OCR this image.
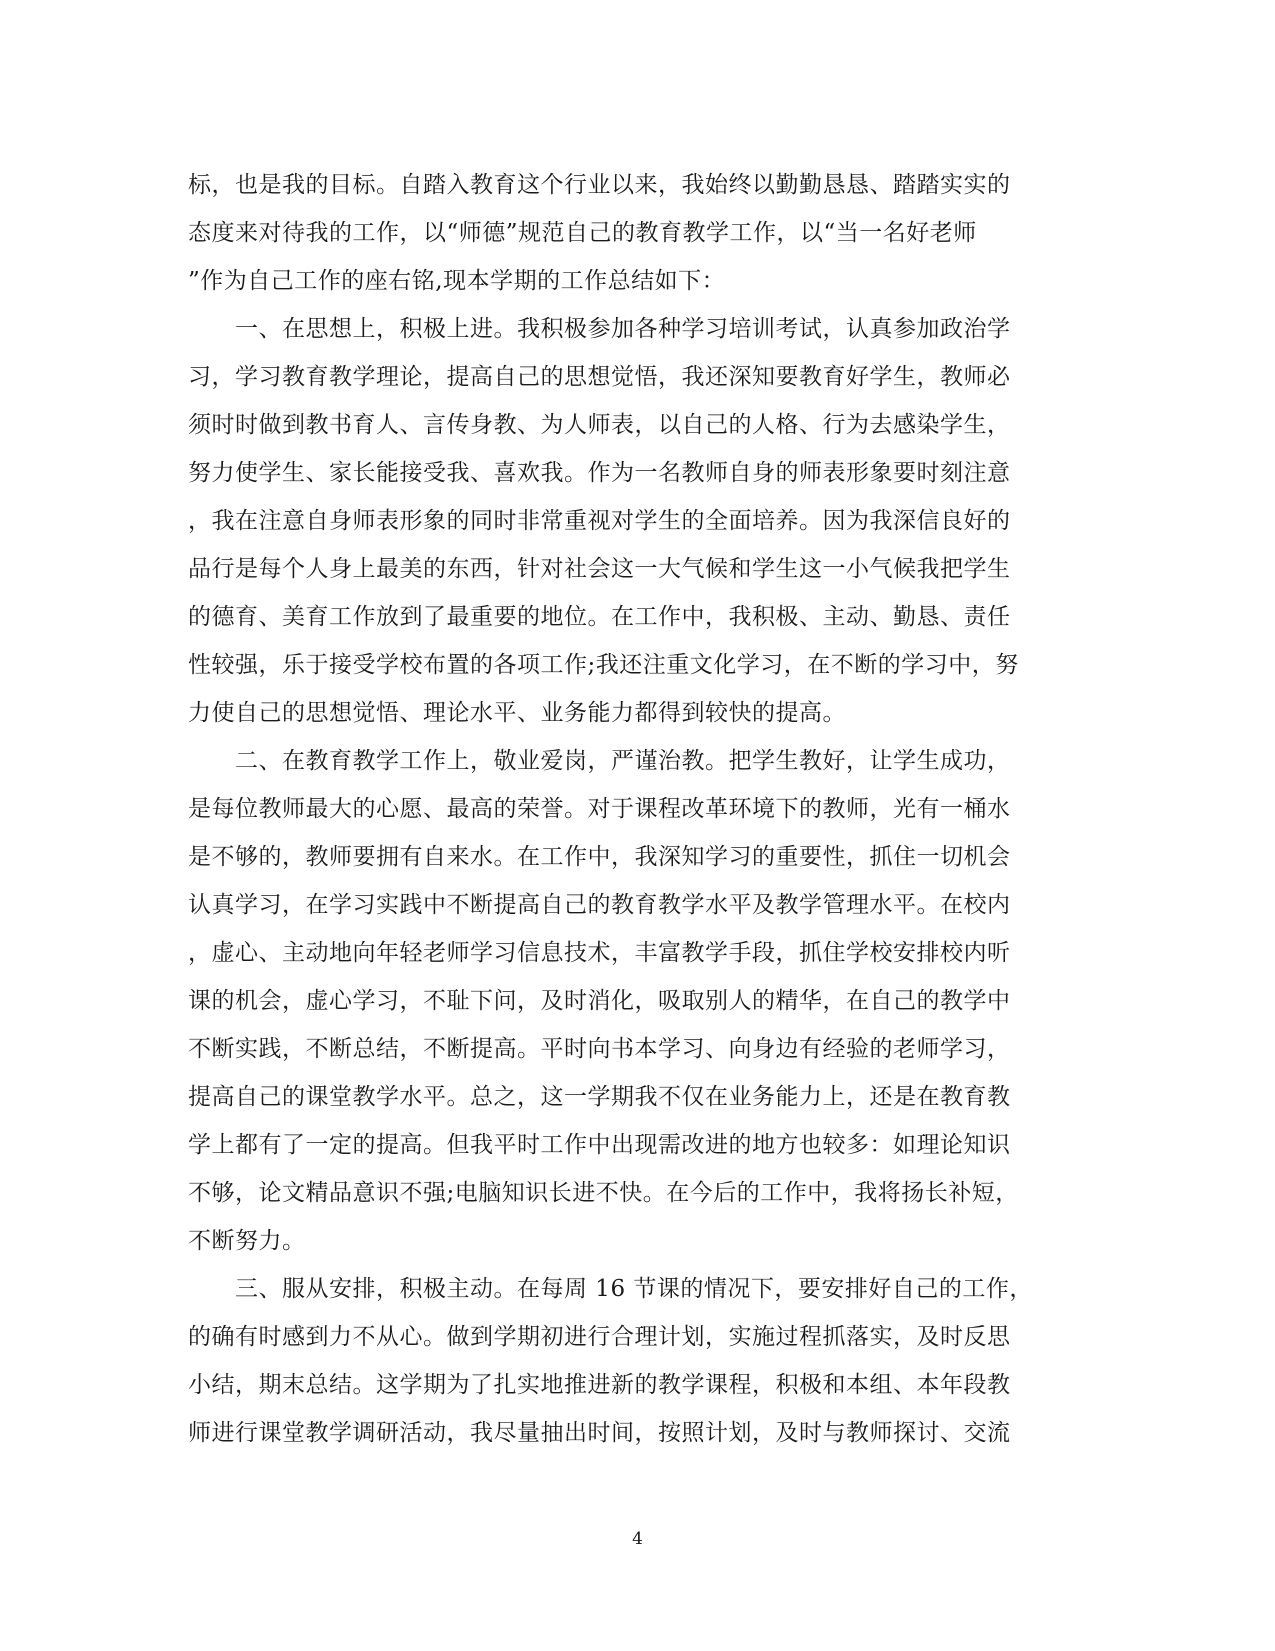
标，也是我的目标。自踏入教育这个行业以来，我始终以勤勤恳恳、踏踏实实的
态度来对待我的工作，以“师德”规范自己的教育教学工作，以“当一名好老师
”作为自己工作的座右铭,现本学期的工作总结如下：
　　一、在思想上，积极上进。我积极参加各种学习培训考试，认真参加政治学
习，学习教育教学理论，提高自己的思想觉悟，我还深知要教育好学生，教师必
须时时做到教书育人、言传身教、为人师表，以自己的人格、行为去感染学生，
努力使学生、家长能接受我、喜欢我。作为一名教师自身的师表形象要时刻注意
，我在注意自身师表形象的同时非常重视对学生的全面培养。因为我深信良好的
品行是每个人身上最美的东西，针对社会这一大气候和学生这一小气候我把学生
的德育、美育工作放到了最重要的地位。在工作中，我积极、主动、勤恳、责任
性较强，乐于接受学校布置的各项工作;我还注重文化学习，在不断的学习中，努
力使自己的思想觉悟、理论水平、业务能力都得到较快的提高。
　　二、在教育教学工作上，敬业爱岗，严谨治教。把学生教好，让学生成功，
是每位教师最大的心愿、最高的荣誉。对于课程改革环境下的教师，光有一桶水
是不够的，教师要拥有自来水。在工作中，我深知学习的重要性，抓住一切机会
认真学习，在学习实践中不断提高自己的教育教学水平及教学管理水平。在校内
，虚心、主动地向年轻老师学习信息技术，丰富教学手段，抓住学校安排校内听
课的机会，虚心学习，不耻下问，及时消化，吸取别人的精华，在自己的教学中
不断实践，不断总结，不断提高。平时向书本学习、向身边有经验的老师学习，
提高自己的课堂教学水平。总之，这一学期我不仅在业务能力上，还是在教育教
学上都有了一定的提高。但我平时工作中出现需改进的地方也较多：如理论知识
不够，论文精品意识不强;电脑知识长进不快。在今后的工作中，我将扬长补短，
不断努力。
　　三、服从安排，积极主动。在每周 16 节课的情况下，要安排好自己的工作，
的确有时感到力不从心。做到学期初进行合理计划，实施过程抓落实，及时反思
小结，期末总结。这学期为了扎实地推进新的教学课程，积极和本组、本年段教
师进行课堂教学调研活动，我尽量抽出时间，按照计划，及时与教师探讨、交流
4
